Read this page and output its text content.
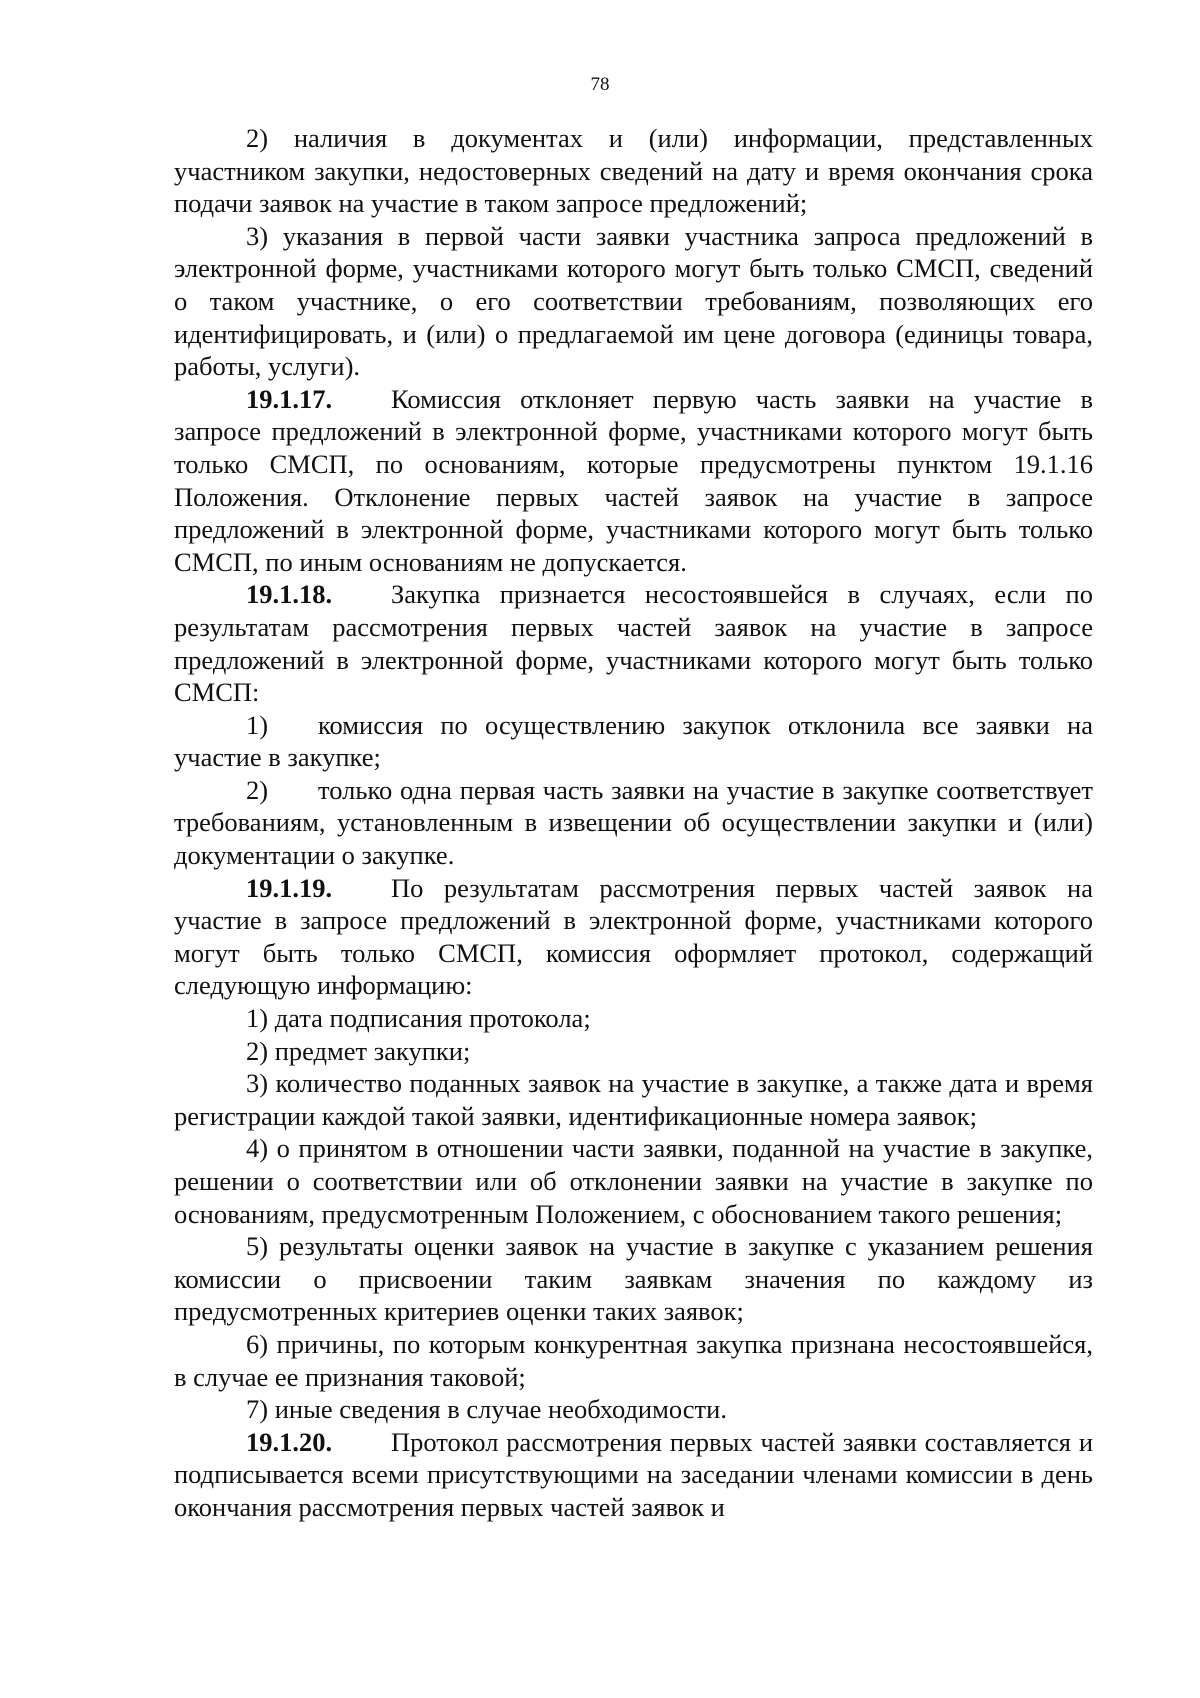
78

2) наличия в документах и (или) информации, представленных участником закупки, недостоверных сведений на дату и время окончания срока подачи заявок на участие в таком запросе предложений;

3) указания в первой части заявки участника запроса предложений в электронной форме, участниками которого могут быть только СМСП, сведений о таком участнике, о его соответствии требованиям, позволяющих его идентифицировать, и (или) о предлагаемой им цене договора (единицы товара, работы, услуги).

19.1.17. Комиссия отклоняет первую часть заявки на участие в запросе предложений в электронной форме, участниками которого могут быть только СМСП, по основаниям, которые предусмотрены пунктом 19.1.16 Положения. Отклонение первых частей заявок на участие в запросе предложений в электронной форме, участниками которого могут быть только СМСП, по иным основаниям не допускается.

19.1.18. Закупка признается несостоявшейся в случаях, если по результатам рассмотрения первых частей заявок на участие в запросе предложений в электронной форме, участниками которого могут быть только СМСП:

1) комиссия по осуществлению закупок отклонила все заявки на участие в закупке;

2) только одна первая часть заявки на участие в закупке соответствует требованиям, установленным в извещении об осуществлении закупки и (или) документации о закупке.

19.1.19. По результатам рассмотрения первых частей заявок на участие в запросе предложений в электронной форме, участниками которого могут быть только СМСП, комиссия оформляет протокол, содержащий следующую информацию:

1) дата подписания протокола;

2) предмет закупки;

3) количество поданных заявок на участие в закупке, а также дата и время регистрации каждой такой заявки, идентификационные номера заявок;

4) о принятом в отношении части заявки, поданной на участие в закупке, решении о соответствии или об отклонении заявки на участие в закупке по основаниям, предусмотренным Положением, с обоснованием такого решения;

5) результаты оценки заявок на участие в закупке с указанием решения комиссии о присвоении таким заявкам значения по каждому из предусмотренных критериев оценки таких заявок;

6) причины, по которым конкурентная закупка признана несостоявшейся, в случае ее признания таковой;

7) иные сведения в случае необходимости.

19.1.20. Протокол рассмотрения первых частей заявки составляется и подписывается всеми присутствующими на заседании членами комиссии в день окончания рассмотрения первых частей заявок и
